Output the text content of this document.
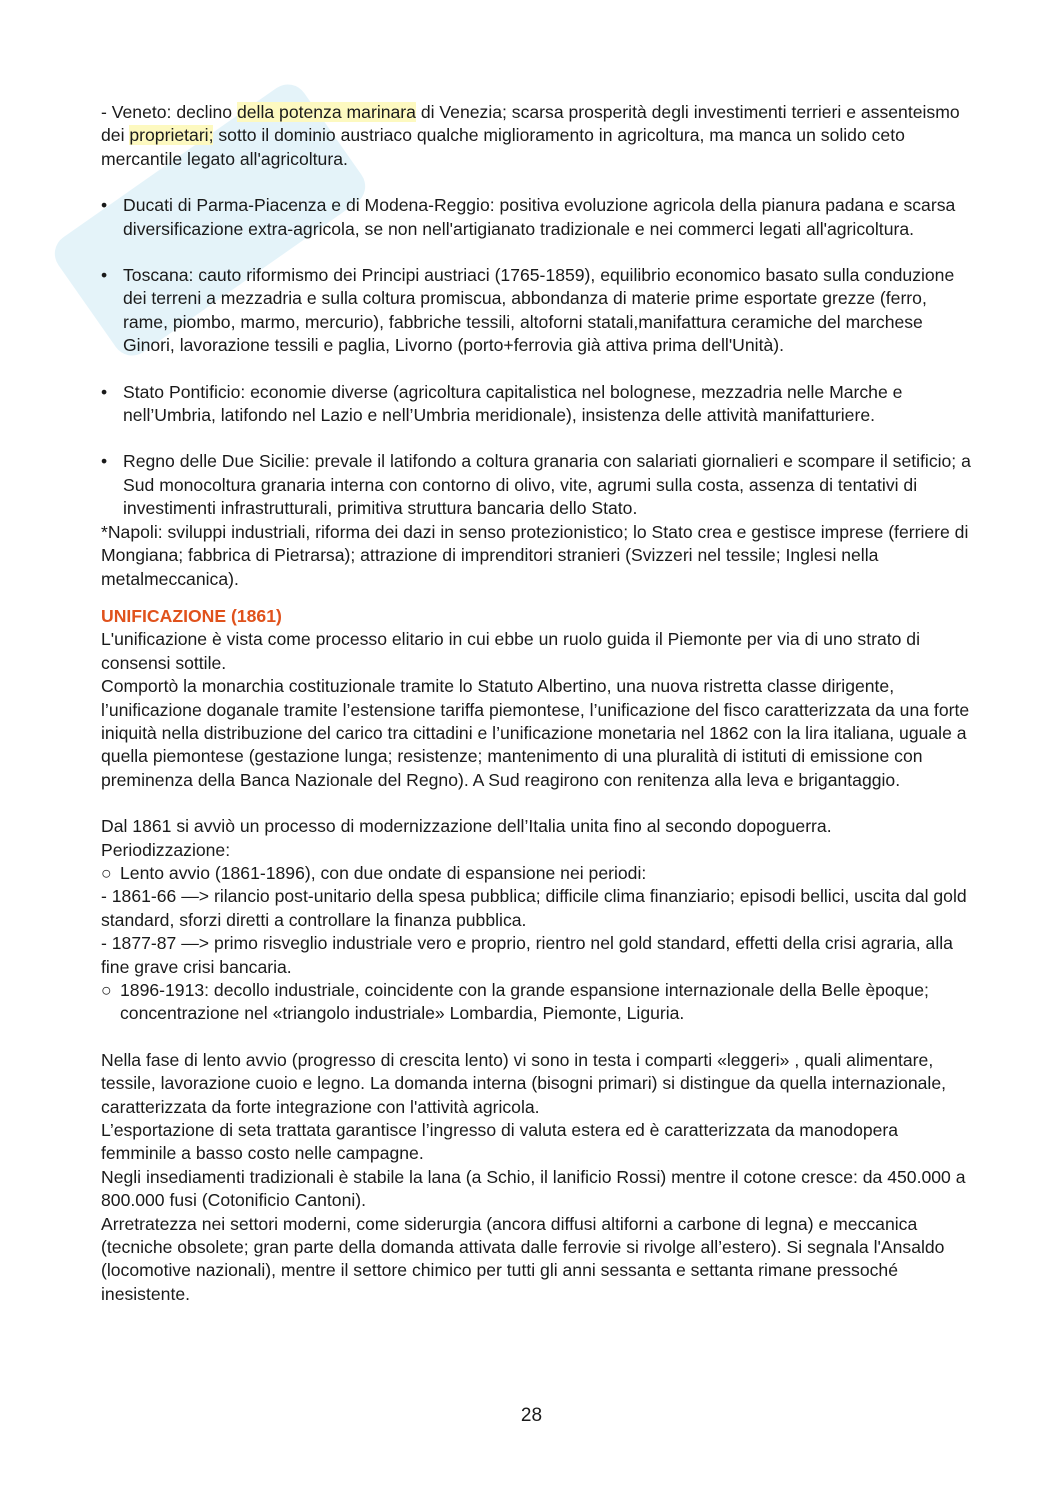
- Veneto: declino della potenza marinara di Venezia; scarsa prosperità degli investimenti terrieri e assenteismo dei proprietari; sotto il dominio austriaco qualche miglioramento in agricoltura, ma manca un solido ceto mercantile legato all'agricoltura.

• Ducati di Parma-Piacenza e di Modena-Reggio: positiva evoluzione agricola della pianura padana e scarsa diversificazione extra-agricola, se non nell'artigianato tradizionale e nei commerci legati all'agricoltura.
• Toscana: cauto riformismo dei Principi austriaci (1765-1859), equilibrio economico basato sulla conduzione dei terreni a mezzadria e sulla coltura promiscua, abbondanza di materie prime esportate grezze (ferro, rame, piombo, marmo, mercurio), fabbriche tessili, altoforni statali,manifattura ceramiche del marchese Ginori, lavorazione tessili e paglia, Livorno (porto+ferrovia già attiva prima dell'Unità).
• Stato Pontificio: economie diverse (agricoltura capitalistica nel bolognese, mezzadria nelle Marche e nell’Umbria, latifondo nel Lazio e nell’Umbria meridionale), insistenza delle attività manifatturiere.
• Regno delle Due Sicilie: prevale il latifondo a coltura granaria con salariati giornalieri e scompare il setificio; a Sud monocoltura granaria interna con contorno di olivo, vite, agrumi sulla costa, assenza di tentativi di investimenti infrastrutturali, primitiva struttura bancaria dello Stato.

*Napoli: sviluppi industriali, riforma dei dazi in senso protezionistico; lo Stato crea e gestisce imprese (ferriere di Mongiana; fabbrica di Pietrarsa); attrazione di imprenditori stranieri (Svizzeri nel tessile; Inglesi nella metalmeccanica).

UNIFICAZIONE (1861)

L'unificazione è vista come processo elitario in cui ebbe un ruolo guida il Piemonte per via di uno strato di consensi sottile.

Comportò la monarchia costituzionale tramite lo Statuto Albertino, una nuova ristretta classe dirigente, l’unificazione doganale tramite l’estensione tariffa piemontese, l’unificazione del fisco caratterizzata da una forte iniquità nella distribuzione del carico tra cittadini e l’unificazione monetaria nel 1862 con la lira italiana, uguale a quella piemontese (gestazione lunga; resistenze; mantenimento di una pluralità di istituti di emissione con preminenza della Banca Nazionale del Regno). A Sud reagirono con renitenza alla leva e brigantaggio.

Dal 1861 si avviò un processo di modernizzazione dell’Italia unita fino al secondo dopoguerra.

Periodizzazione:

○ Lento avvio (1861-1896), con due ondate di espansione nei periodi:

- 1861-66 —> rilancio post-unitario della spesa pubblica; difficile clima finanziario; episodi bellici, uscita dal gold standard, sforzi diretti a controllare la finanza pubblica.

- 1877-87 —> primo risveglio industriale vero e proprio, rientro nel gold standard, effetti della crisi agraria, alla fine grave crisi bancaria.

○ 1896-1913: decollo industriale, coincidente con la grande espansione internazionale della Belle èpoque; concentrazione nel «triangolo industriale» Lombardia, Piemonte, Liguria.

Nella fase di lento avvio (progresso di crescita lento) vi sono in testa i comparti «leggeri» , quali alimentare, tessile, lavorazione cuoio e legno. La domanda interna (bisogni primari) si distingue da quella internazionale, caratterizzata da forte integrazione con l'attività agricola.

L’esportazione di seta trattata garantisce l’ingresso di valuta estera ed è caratterizzata da manodopera femminile a basso costo nelle campagne.

Negli insediamenti tradizionali è stabile la lana (a Schio, il lanificio Rossi) mentre il cotone cresce: da 450.000 a 800.000 fusi (Cotonificio Cantoni).

Arretratezza nei settori moderni, come siderurgia (ancora diffusi altiforni a carbone di legna) e meccanica (tecniche obsolete; gran parte della domanda attivata dalle ferrovie si rivolge all’estero). Si segnala l'Ansaldo (locomotive nazionali), mentre il settore chimico per tutti gli anni sessanta e settanta rimane pressoché inesistente.

28
